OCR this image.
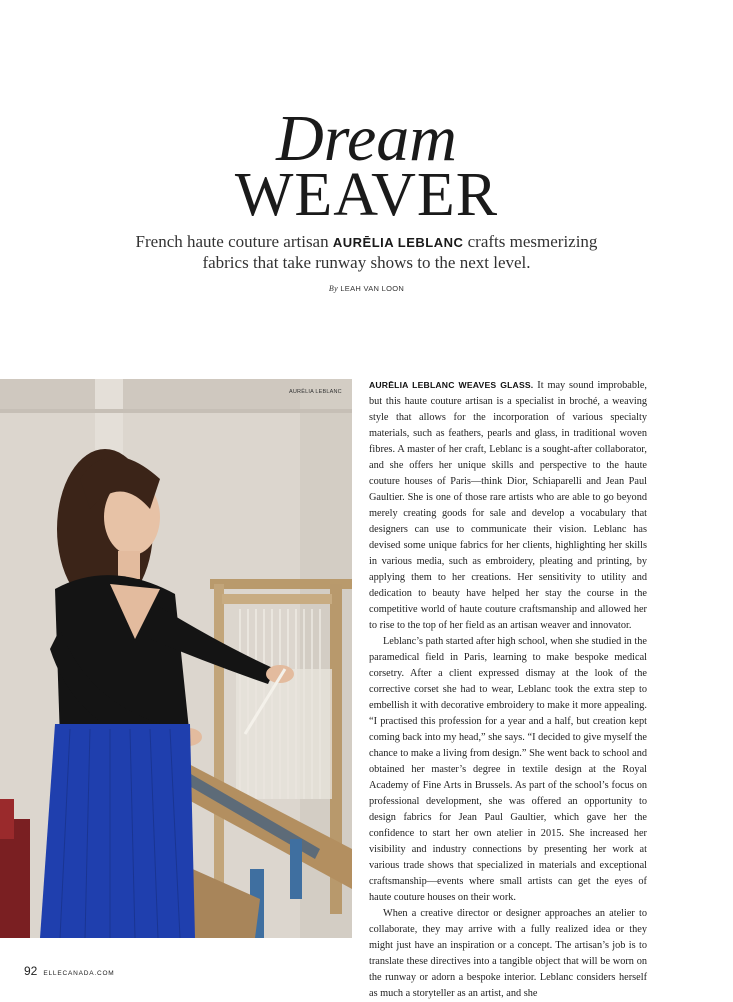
Dream
WEAVER
French haute couture artisan AURĒLIA LEBLANC crafts mesmerizing fabrics that take runway shows to the next level.
By LEAH VAN LOON
AURĒLIA LEBLANC

AURĒLIA LEBLANC WEAVES GLASS. It may sound improbable, but this haute couture artisan is a specialist in broché, a weaving style that allows for the incorporation of various specialty materials, such as feathers, pearls and glass, in traditional woven fibres. A master of her craft, Leblanc is a sought-after collaborator, and she offers her unique skills and perspective to the haute couture houses of Paris—think Dior, Schiaparelli and Jean Paul Gaultier. She is one of those rare artists who are able to go beyond merely creating goods for sale and develop a vocabulary that designers can use to communicate their vision. Leblanc has devised some unique fabrics for her clients, highlighting her skills in various media, such as embroidery, pleating and printing, by applying them to her creations. Her sensitivity to utility and dedication to beauty have helped her stay the course in the competitive world of haute couture craftsmanship and allowed her to rise to the top of her field as an artisan weaver and innovator.

Leblanc’s path started after high school, when she studied in the paramedical field in Paris, learning to make bespoke medical corsetry. After a client expressed dismay at the look of the corrective corset she had to wear, Leblanc took the extra step to embellish it with decorative embroidery to make it more appealing. “I practised this profession for a year and a half, but creation kept coming back into my head,” she says. “I decided to give myself the chance to make a living from design.” She went back to school and obtained her master’s degree in textile design at the Royal Academy of Fine Arts in Brussels. As part of the school’s focus on professional development, she was offered an opportunity to design fabrics for Jean Paul Gaultier, which gave her the confidence to start her own atelier in 2015. She increased her visibility and industry connections by presenting her work at various trade shows that specialized in materials and exceptional craftsmanship—events where small artists can get the eyes of haute couture houses on their work.

When a creative director or designer approaches an atelier to collaborate, they may arrive with a fully realized idea or they might just have an inspiration or a concept. The artisan’s job is to translate these directives into a tangible object that will be worn on the runway or adorn a bespoke interior. Leblanc considers herself as much a storyteller as an artist, and she

92 ELLECANADA.COM
